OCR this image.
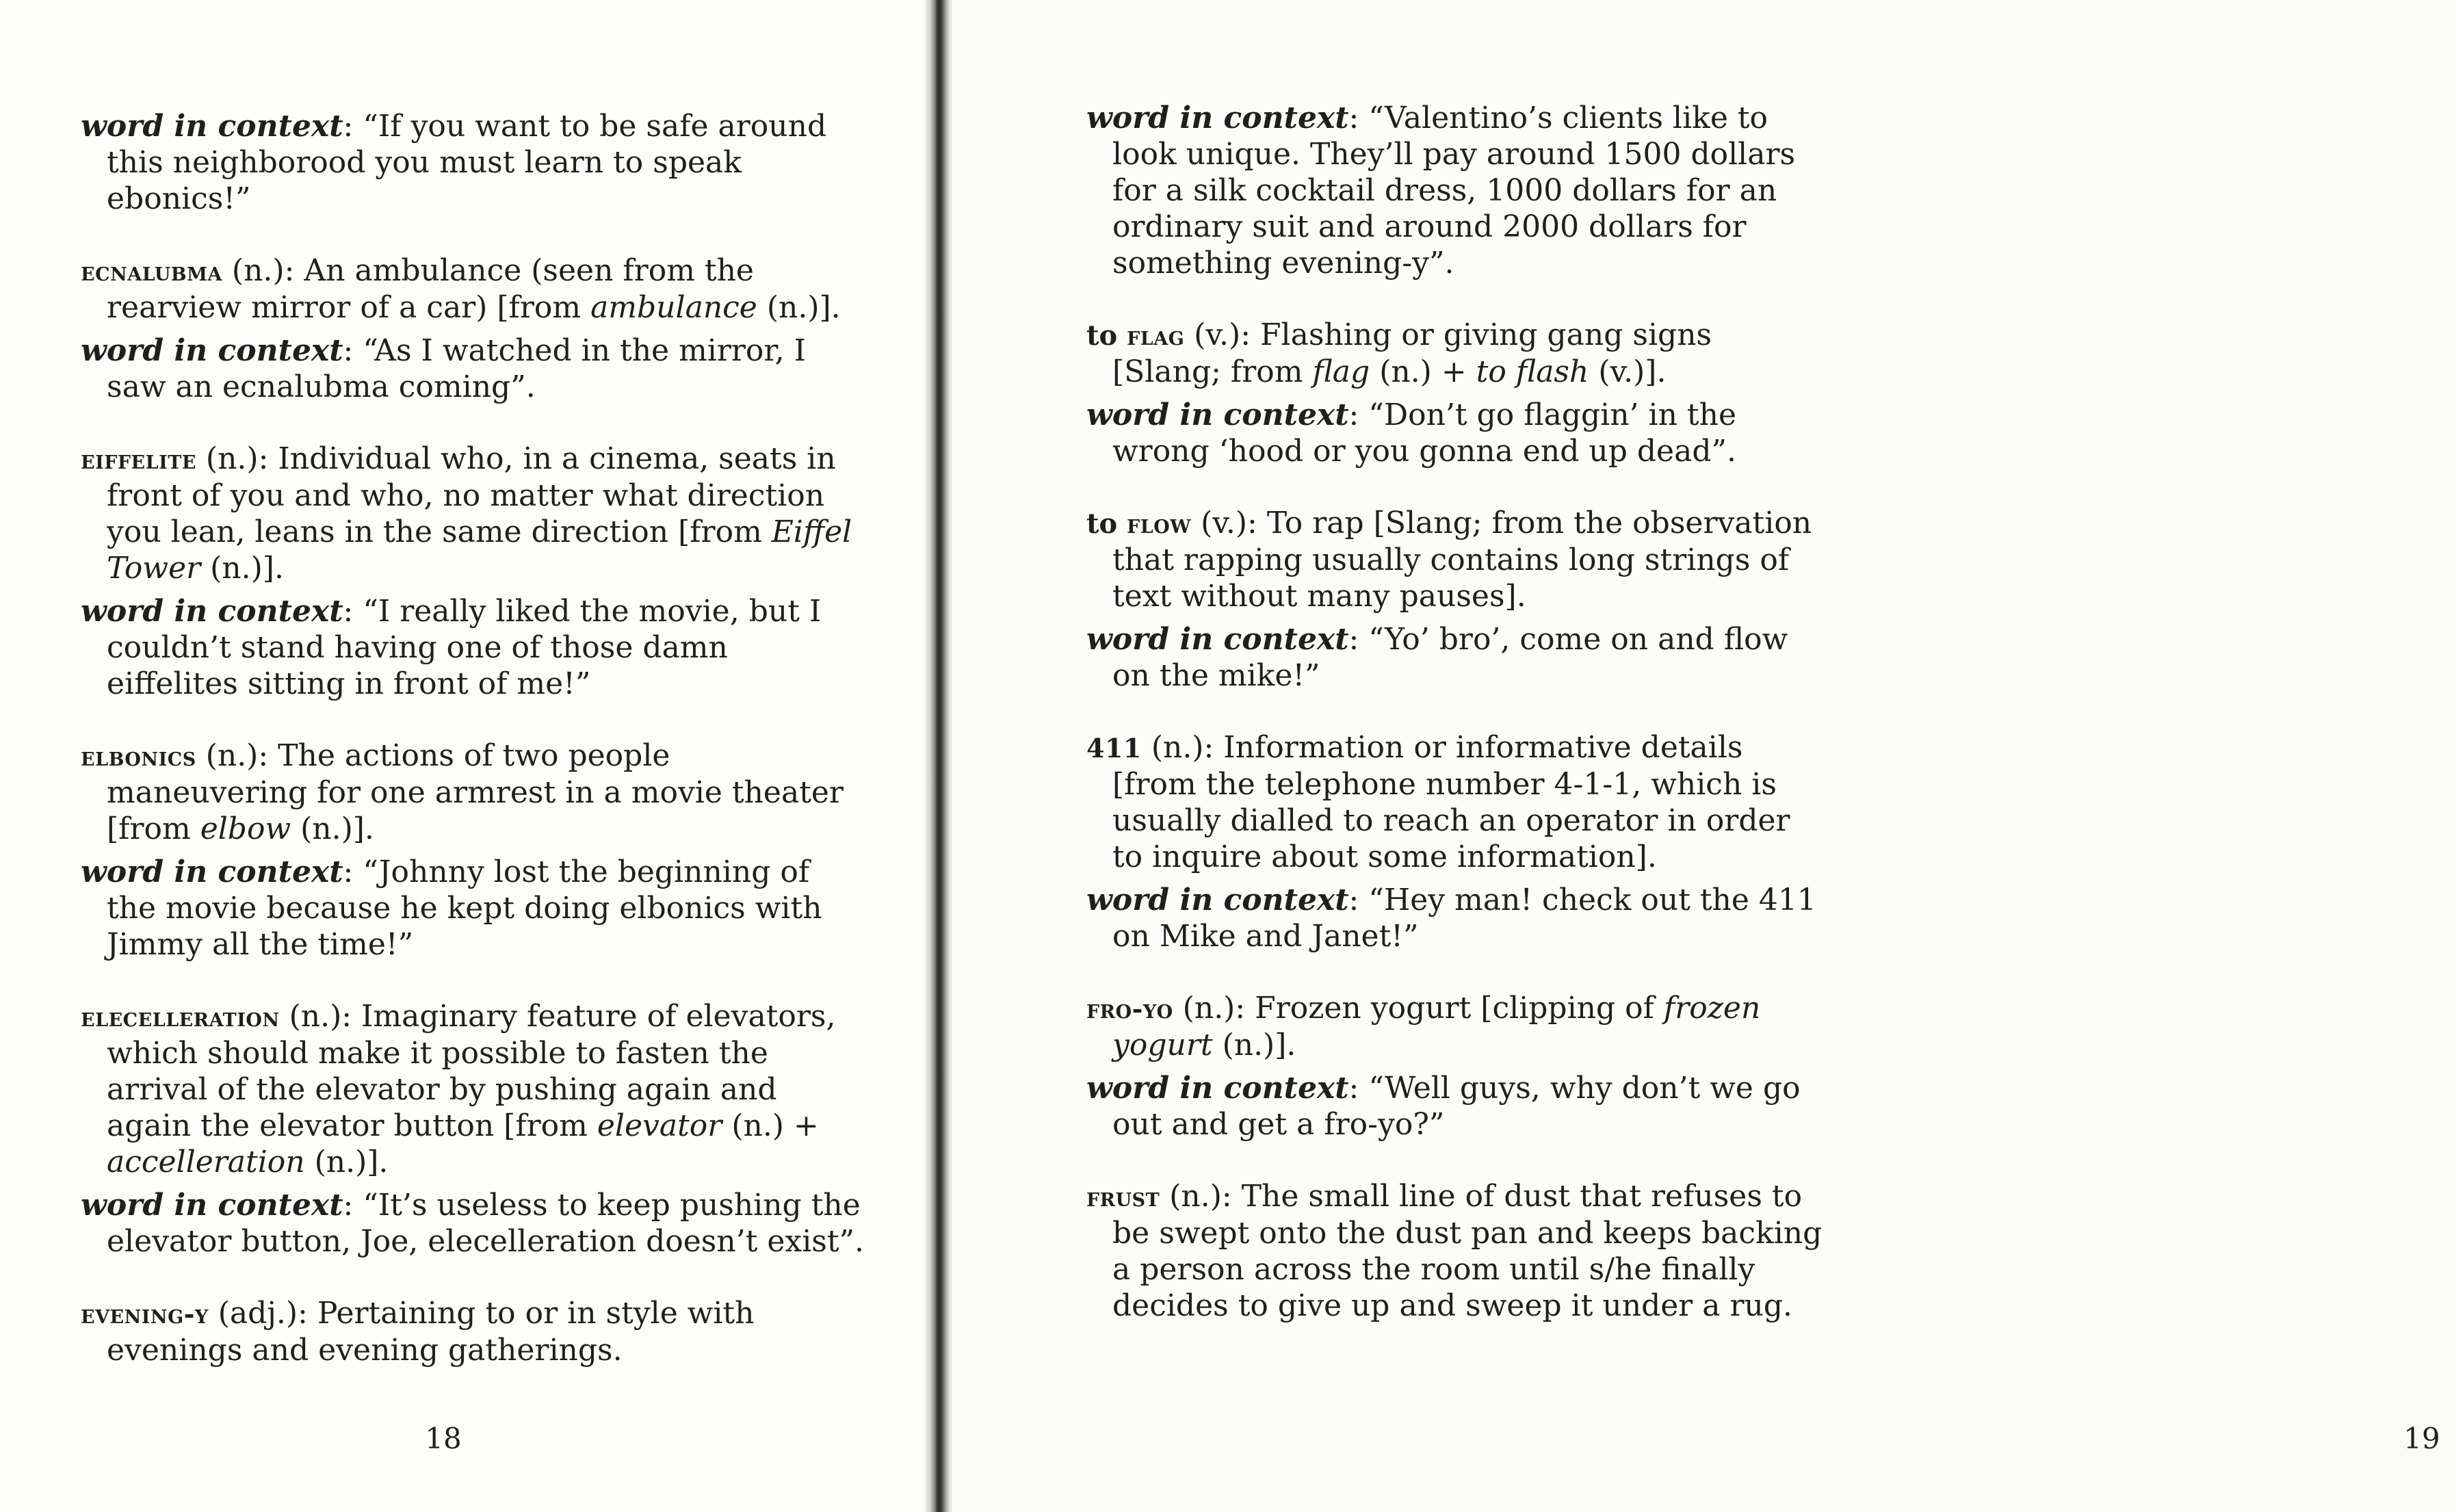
word in context: “If you want to be safe around this neighborood you must learn to speak ebonics!”

ecnalubma (n.): An ambulance (seen from the rearview mirror of a car) [from ambulance (n.)].

word in context: “As I watched in the mirror, I saw an ecnalubma coming”.

eiffelite (n.): Individual who, in a cinema, seats in front of you and who, no matter what direction you lean, leans in the same direction [from Eiffel Tower (n.)].

word in context: “I really liked the movie, but I couldn’t stand having one of those damn eiffelites sitting in front of me!”

elbonics (n.): The actions of two people maneuvering for one armrest in a movie theater [from elbow (n.)].

word in context: “Johnny lost the beginning of the movie because he kept doing elbonics with Jimmy all the time!”

elecelleration (n.): Imaginary feature of elevators, which should make it possible to fasten the arrival of the elevator by pushing again and again the elevator button [from elevator (n.) + accelleration (n.)].

word in context: “It’s useless to keep pushing the elevator button, Joe, elecelleration doesn’t exist”.

evening-y (adj.): Pertaining to or in style with evenings and evening gatherings.

18	19

word in context: “Valentino’s clients like to look unique. They’ll pay around 1500 dollars for a silk cocktail dress, 1000 dollars for an ordinary suit and around 2000 dollars for something evening-y”.

to flag (v.): Flashing or giving gang signs [Slang; from flag (n.) + to flash (v.)].

word in context: “Don’t go flaggin’ in the wrong ‘hood or you gonna end up dead”.

to flow (v.): To rap [Slang; from the observation that rapping usually contains long strings of text without many pauses].

word in context: “Yo’ bro’, come on and flow on the mike!”

411 (n.): Information or informative details [from the telephone number 4-1-1, which is usually dialled to reach an operator in order to inquire about some information].

word in context: “Hey man! check out the 411 on Mike and Janet!”

fro-yo (n.): Frozen yogurt [clipping of frozen yogurt (n.)].

word in context: “Well guys, why don’t we go out and get a fro-yo?”

frust (n.): The small line of dust that refuses to be swept onto the dust pan and keeps backing a person across the room until s/he finally decides to give up and sweep it under a rug.
